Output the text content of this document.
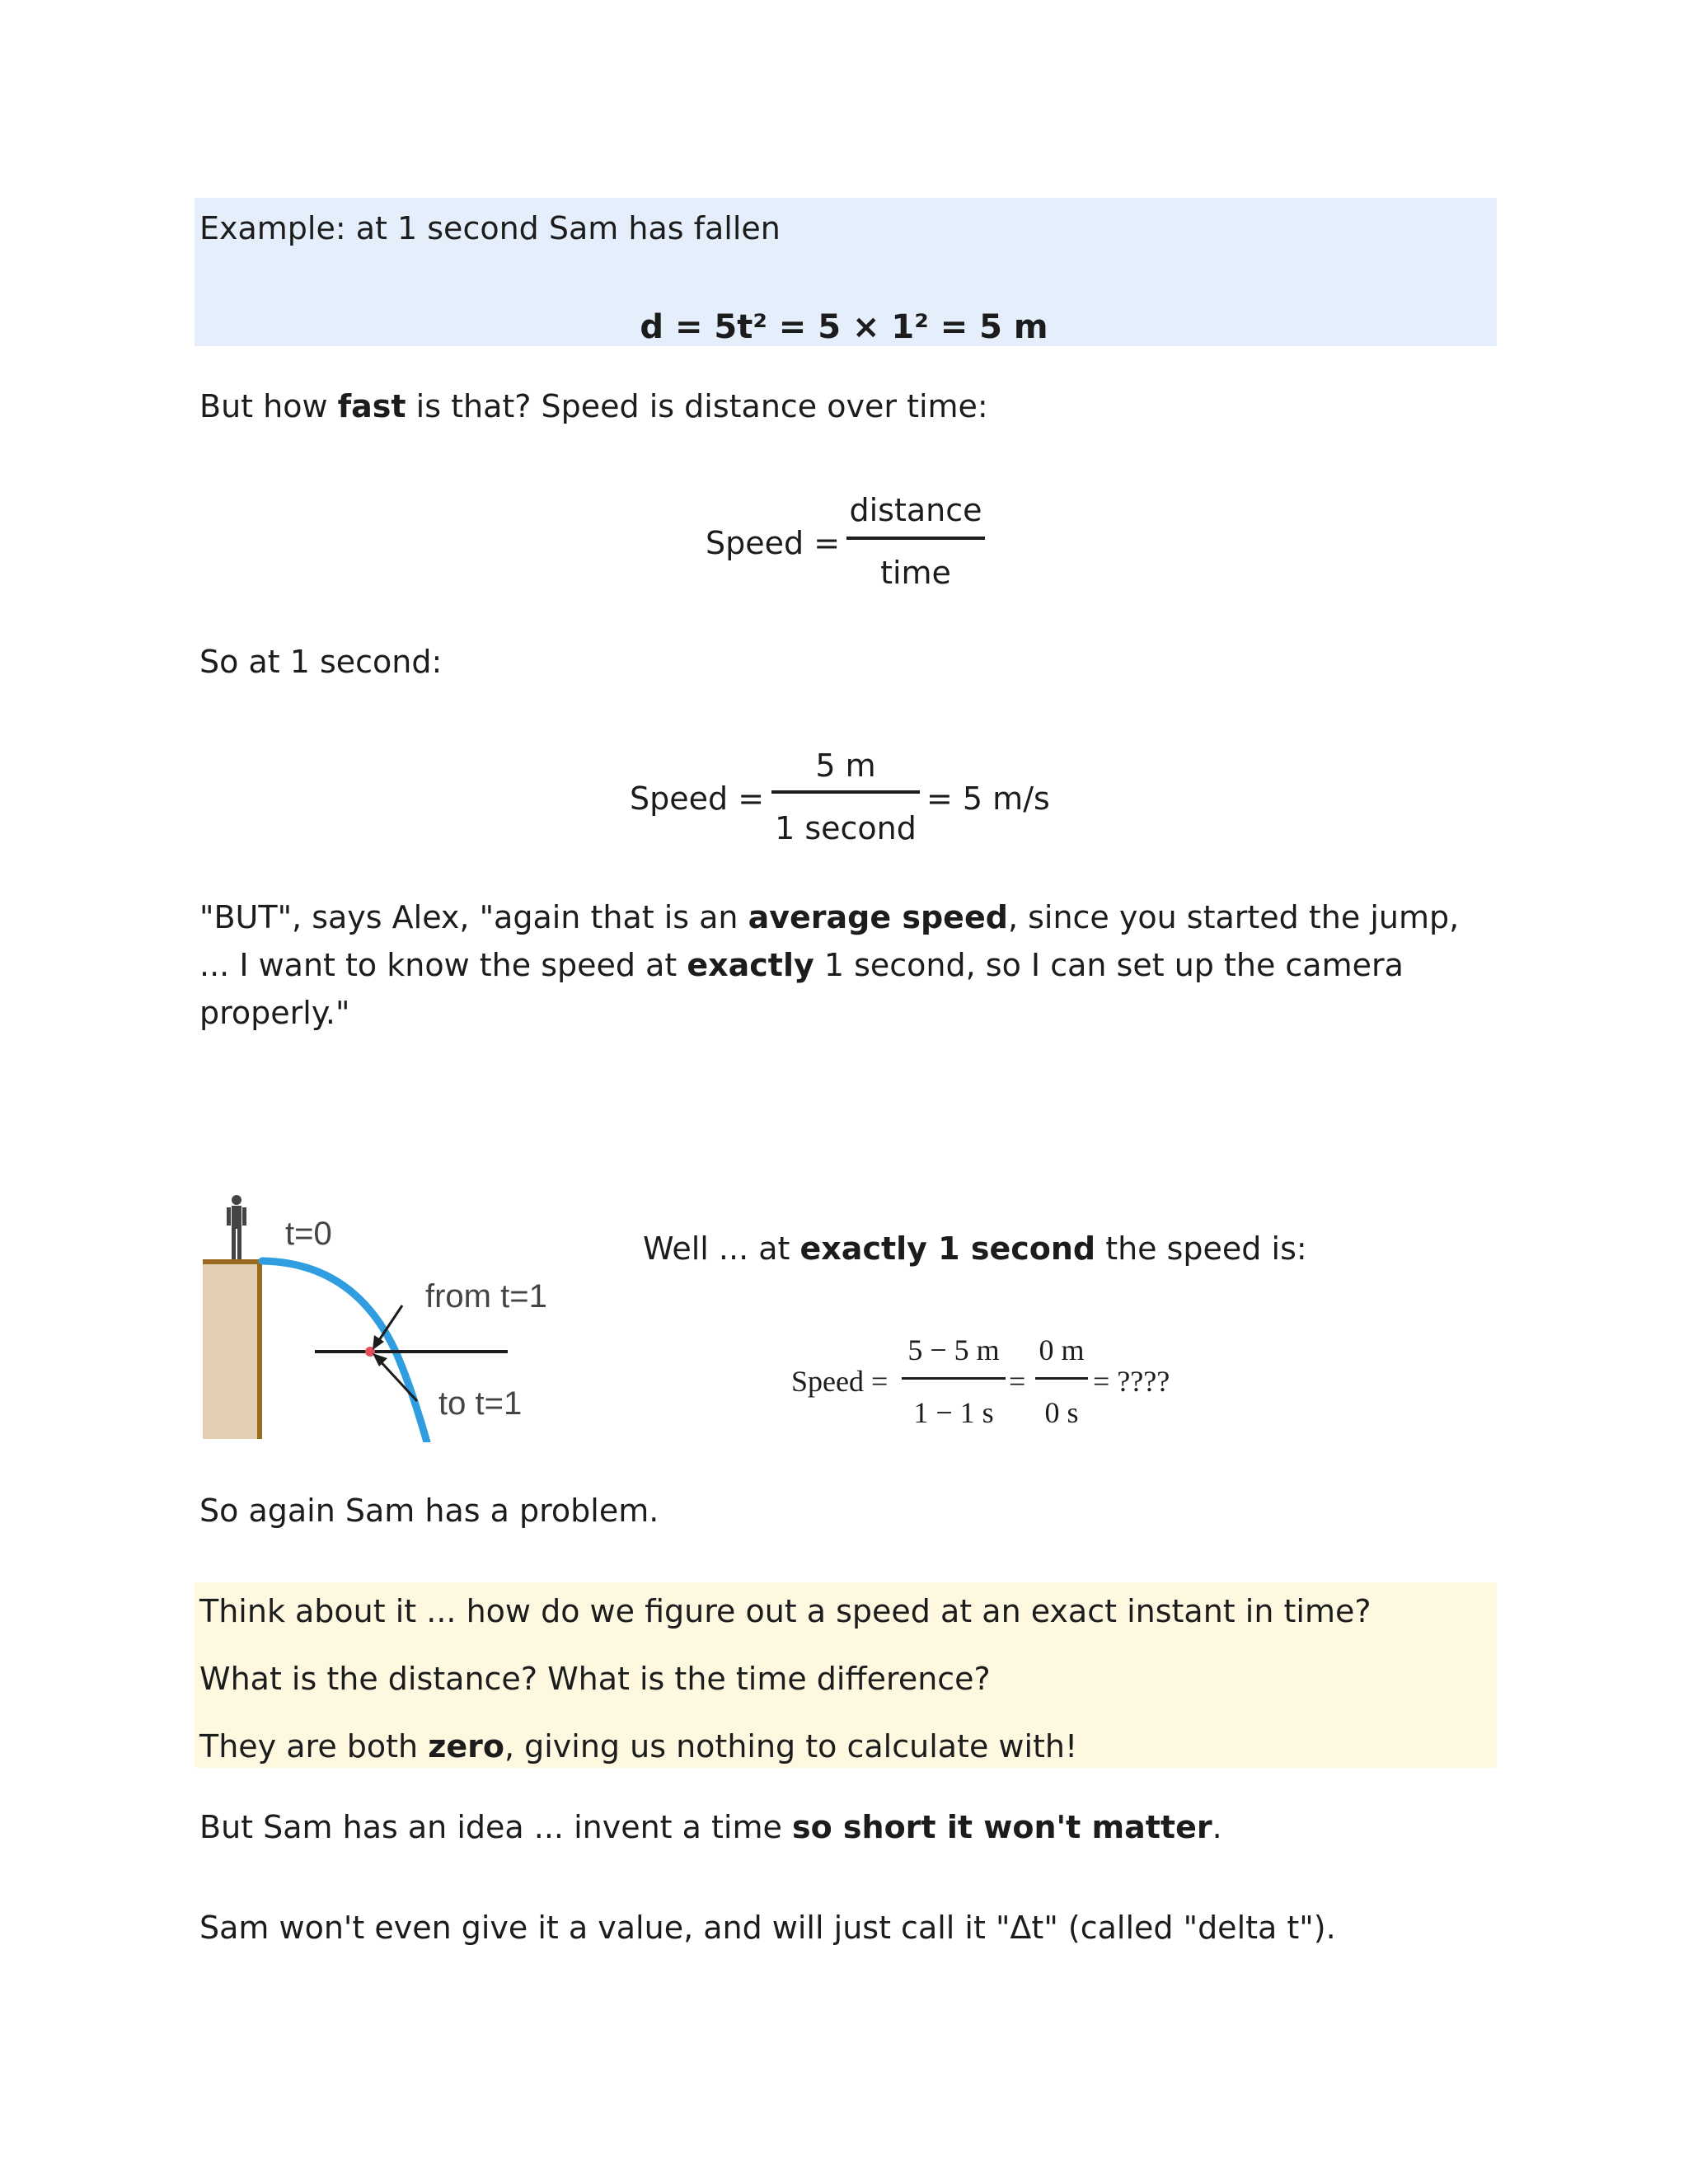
Example: at 1 second Sam has fallen
d = 5t² = 5 × 1² = 5 m
But how fast is that? Speed is distance over time:
Speed =
distance
time
So at 1 second:
Speed =
5 m
1 second
= 5 m/s
"BUT", says Alex, "again that is an average speed, since you started the jump,
... I want to know the speed at exactly 1 second, so I can set up the camera
properly."
t=0
from t=1
to t=1
Well ... at exactly 1 second the speed is:
Speed =
5 − 5 m
1 − 1 s
=
0 m
0 s
= ????
So again Sam has a problem.
Think about it ... how do we figure out a speed at an exact instant in time?
What is the distance? What is the time difference?
They are both zero, giving us nothing to calculate with!
But Sam has an idea ... invent a time so short it won't matter.
Sam won't even give it a value, and will just call it "Δt" (called "delta t").
